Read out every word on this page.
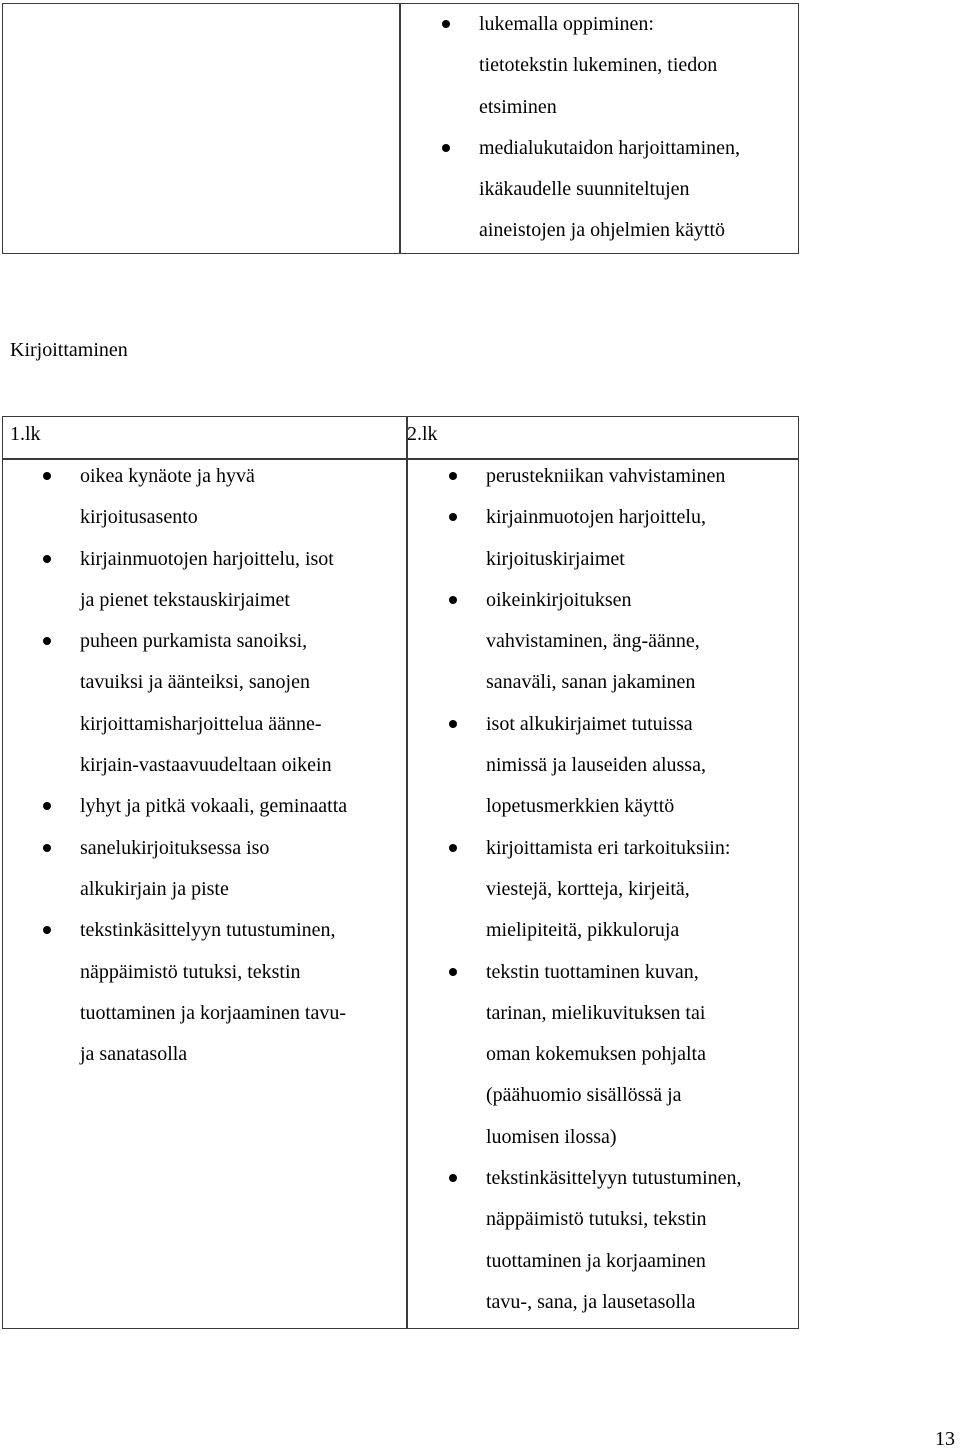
lukemalla oppiminen:
tietotekstin lukeminen, tiedon
etsiminen
medialukutaidon harjoittaminen,
ikäkaudelle suunniteltujen
aineistojen ja ohjelmien käyttö
Kirjoittaminen
1.lk	2.lk
oikea kynäote ja hyvä
kirjoitusasento
kirjainmuotojen harjoittelu, isot
ja pienet tekstauskirjaimet
puheen purkamista sanoiksi,
tavuiksi ja äänteiksi, sanojen
kirjoittamisharjoittelua äänne-
kirjain-vastaavuudeltaan oikein
lyhyt ja pitkä vokaali, geminaatta
sanelukirjoituksessa iso
alkukirjain ja piste
tekstinkäsittelyyn tutustuminen,
näppäimistö tutuksi, tekstin
tuottaminen ja korjaaminen tavu-
ja sanatasolla
perustekniikan vahvistaminen
kirjainmuotojen harjoittelu,
kirjoituskirjaimet
oikeinkirjoituksen
vahvistaminen, äng-äänne,
sanaväli, sanan jakaminen
isot alkukirjaimet tutuissa
nimissä ja lauseiden alussa,
lopetusmerkkien käyttö
kirjoittamista eri tarkoituksiin:
viestejä, kortteja, kirjeitä,
mielipiteitä, pikkuloruja
tekstin tuottaminen kuvan,
tarinan, mielikuvituksen tai
oman kokemuksen pohjalta
(päähuomio sisällössä ja
luomisen ilossa)
tekstinkäsittelyyn tutustuminen,
näppäimistö tutuksi, tekstin
tuottaminen ja korjaaminen
tavu-, sana, ja lausetasolla
13
